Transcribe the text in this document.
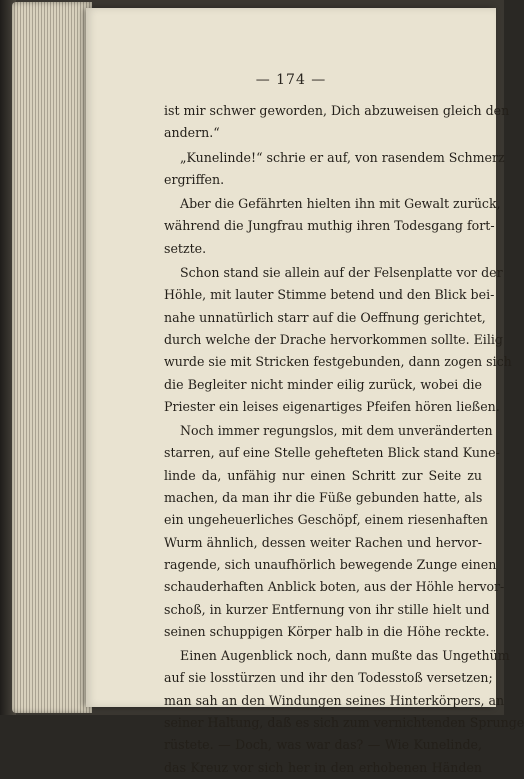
— 174 —
ist mir schwer geworden, Dich abzuweisen gleich den
andern.“
„Kunelinde!“ schrie er auf, von rasendem Schmerz
ergriffen.
Aber die Gefährten hielten ihn mit Gewalt zurück,
während die Jungfrau muthig ihren Todesgang fort-
setzte.
Schon stand sie allein auf der Felsenplatte vor der
Höhle, mit lauter Stimme betend und den Blick bei-
nahe unnatürlich starr auf die Oeffnung gerichtet,
durch welche der Drache hervorkommen sollte. Eilig
wurde sie mit Stricken festgebunden, dann zogen sich
die Begleiter nicht minder eilig zurück, wobei die
Priester ein leises eigenartiges Pfeifen hören ließen.
Noch immer regungslos, mit dem unveränderten
starren, auf eine Stelle gehefteten Blick stand Kune-
linde da, unfähig nur einen Schritt zur Seite zu
machen, da man ihr die Füße gebunden hatte, als
ein ungeheuerliches Geschöpf, einem riesenhaften
Wurm ähnlich, dessen weiter Rachen und hervor-
ragende, sich unaufhörlich bewegende Zunge einen
schauderhaften Anblick boten, aus der Höhle hervor-
schoß, in kurzer Entfernung von ihr stille hielt und
seinen schuppigen Körper halb in die Höhe reckte.
Einen Augenblick noch, dann mußte das Ungethüm
auf sie losstürzen und ihr den Todesstoß versetzen;
man sah an den Windungen seines Hinterkörpers, an
seiner Haltung, daß es sich zum vernichtenden Sprunge
rüstete. — Doch, was war das? — Wie Kunelinde,
das Kreuz vor sich her in den erhobenen Händen
